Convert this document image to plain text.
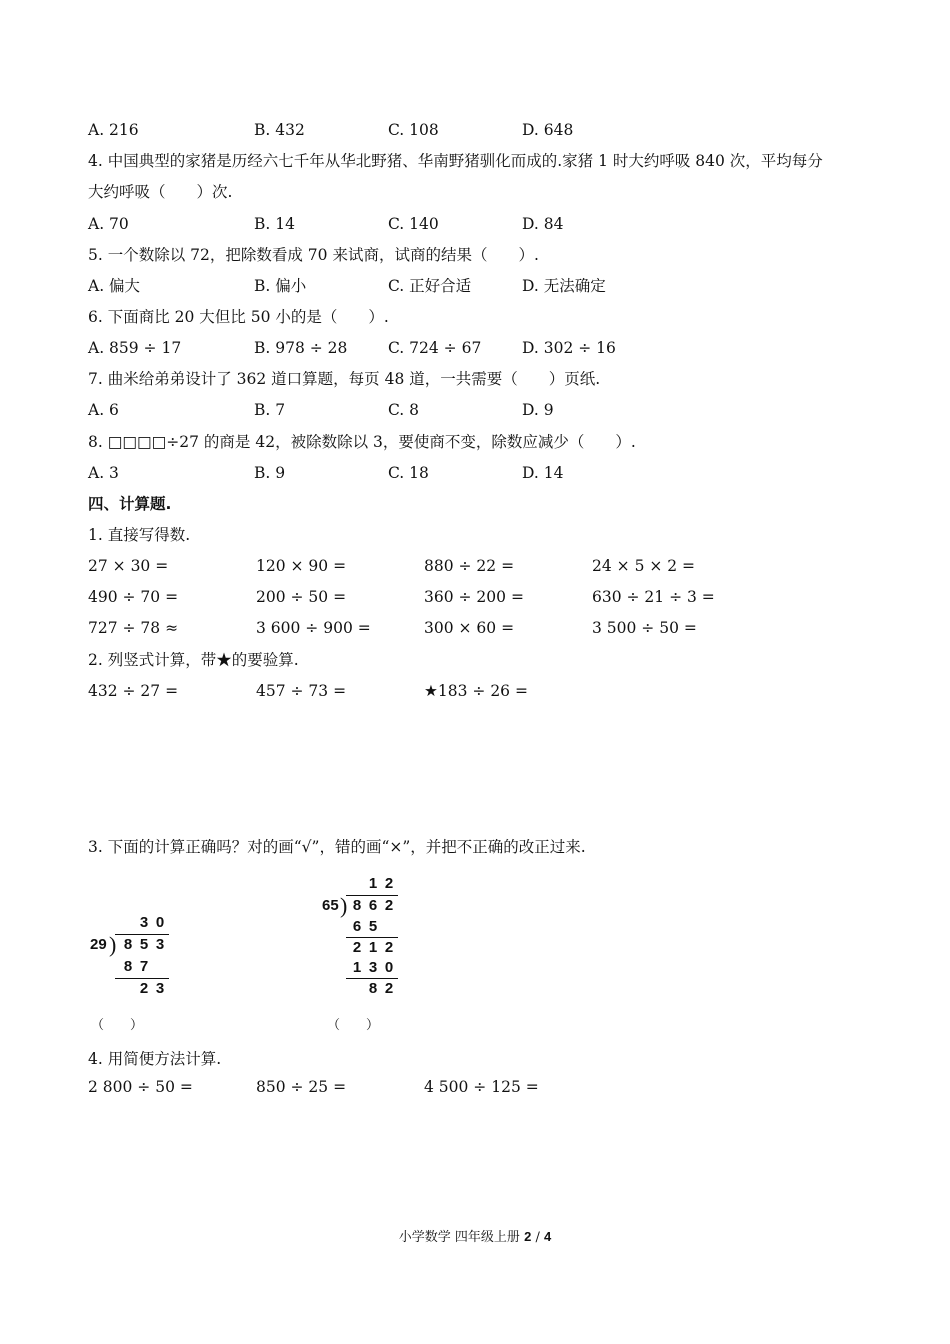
A. 216	B. 432	C. 108	D. 648
4. 中国典型的家猪是历经六七千年从华北野猪、华南野猪驯化而成的.家猪 1 时大约呼吸 840 次，平均每分
大约呼吸（　　）次.
A. 70	B. 14	C. 140	D. 84
5. 一个数除以 72，把除数看成 70 来试商，试商的结果（　　）.
A. 偏大	B. 偏小	C. 正好合适	D. 无法确定
6. 下面商比 20 大但比 50 小的是（　　）.
A. 859 ÷ 17	B. 978 ÷ 28	C. 724 ÷ 67	D. 302 ÷ 16
7. 曲米给弟弟设计了 362 道口算题，每页 48 道，一共需要（　　）页纸.
A. 6	B. 7	C. 8	D. 9
8. □□□□÷27 的商是 42，被除数除以 3，要使商不变，除数应减少（　　）.
A. 3	B. 9	C. 18	D. 14
四、计算题.
1. 直接写得数.
27 × 30 =	120 × 90 =	880 ÷ 22 =	24 × 5 × 2 =
490 ÷ 70 =	200 ÷ 50 =	360 ÷ 200 =	630 ÷ 21 ÷ 3 =
727 ÷ 78 ≈	3 600 ÷ 900 =	300 × 60 =	3 500 ÷ 50 =
2. 列竖式计算，带★的要验算.
432 ÷ 27 =	457 ÷ 73 =	★183 ÷ 26 =
3. 下面的计算正确吗？对的画“√”，错的画“×”，并把不正确的改正过来.
3 0
29 ) 8 5 3
8 7
2 3
1 2
65 ) 8 6 2
6 5
2 1 2
1 3 0
8 2
（　　）	（　　）
4. 用简便方法计算.
2 800 ÷ 50 =	850 ÷ 25 =	4 500 ÷ 125 =
小学数学 四年级上册 2 / 4
